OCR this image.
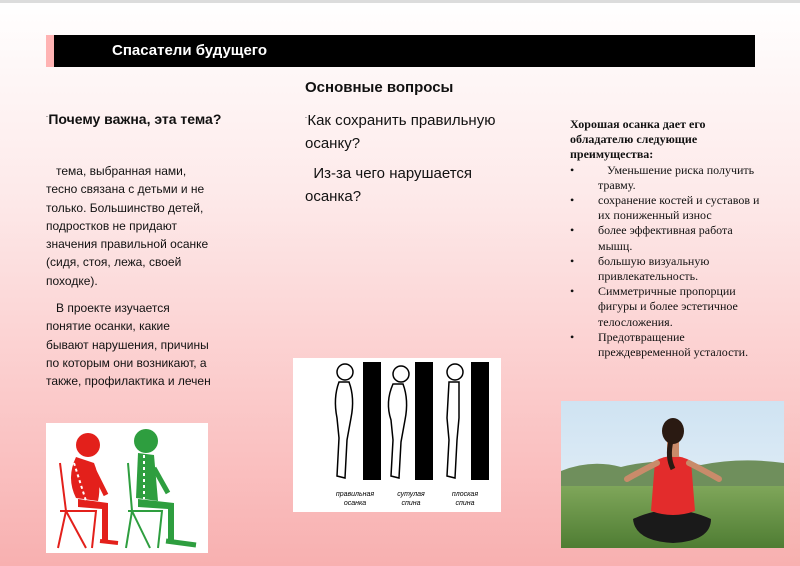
Спасатели будущего
¨Почему важна, эта тема?
тема, выбранная нами, тесно связана с детьми и не только. Большинство детей, подростков не придают значения правильной осанке (сидя, стоя, лежа, своей походке).
В проекте изучается понятие осанки, какие бывают нарушения, причины по которым они возникают, а также, профилактика и лечен
Основные вопросы
¨Как сохранить правильную осанку?
Из-за чего нарушается осанка?
правильная
осанка
сутулая
спина
плоская
спина
Хорошая осанка дает его обладателю следующие преимущества:
•	Уменьшение риска получить травму.
• сохранение костей и суставов и их пониженный износ
• более эффективная работа мышц.
• большую визуальную привлекательность.
• Симметричные пропорции фигуры и более эстетичное телосложения.
• Предотвращение преждевременной усталости.
